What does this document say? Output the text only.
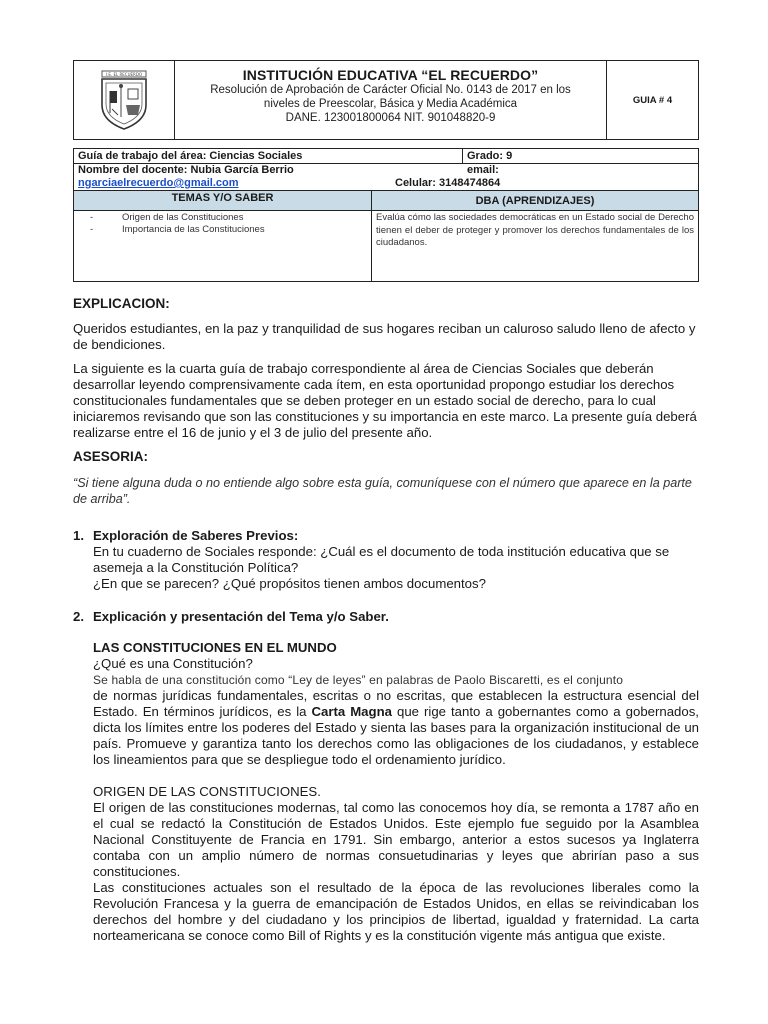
I.E. EL RECUERDO	INSTITUCIÓN EDUCATIVA “EL RECUERDO”
Resolución de Aprobación de Carácter Oficial No. 0143 de 2017 en los
niveles de Preescolar, Básica y Media Académica
DANE. 123001800064 NIT. 901048820-9
GUIA # 4
Guía de trabajo del área: Ciencias Sociales	Grado: 9
Nombre del docente: Nubia García Berrio	email:
ngarciaelrecuerdo@gmail.com	Celular: 3148474864
TEMAS Y/O SABER	DBA (APRENDIZAJES)
-	Origen de las Constituciones
-	Importancia de las Constituciones
Evalúa cómo las sociedades democráticas en un Estado social de Derecho tienen el deber de proteger y promover los derechos fundamentales de los ciudadanos.
EXPLICACION:
Queridos estudiantes, en la paz y tranquilidad de sus hogares reciban un caluroso saludo lleno de afecto y de bendiciones.
La siguiente es la cuarta guía de trabajo correspondiente al área de Ciencias Sociales que deberán desarrollar leyendo comprensivamente cada ítem, en esta oportunidad propongo estudiar los derechos constitucionales fundamentales que se deben proteger en un estado social de derecho, para lo cual iniciaremos revisando que son las constituciones y su importancia en este marco. La presente guía deberá realizarse entre el 16 de junio y el 3 de julio del presente año.
ASESORIA:
“Si tiene alguna duda o no entiende algo sobre esta guía, comuníquese con el número que aparece en la parte de arriba”.
1. Exploración de Saberes Previos:
En tu cuaderno de Sociales responde: ¿Cuál es el documento de toda institución educativa que se asemeja a la Constitución Política?
¿En que se parecen? ¿Qué propósitos tienen ambos documentos?
2. Explicación y presentación del Tema y/o Saber.
LAS CONSTITUCIONES EN EL MUNDO
¿Qué es una Constitución?
Se habla de una constitución como “Ley de leyes” en palabras de Paolo Biscaretti, es el conjunto
de normas jurídicas fundamentales, escritas o no escritas, que establecen la estructura esencial del Estado. En términos jurídicos, es la Carta Magna que rige tanto a gobernantes como a gobernados, dicta los límites entre los poderes del Estado y sienta las bases para la organización institucional de un país. Promueve y garantiza tanto los derechos como las obligaciones de los ciudadanos, y establece los lineamientos para que se despliegue todo el ordenamiento jurídico.
ORIGEN DE LAS CONSTITUCIONES.
El origen de las constituciones modernas, tal como las conocemos hoy día, se remonta a 1787 año en el cual se redactó la Constitución de Estados Unidos. Este ejemplo fue seguido por la Asamblea Nacional Constituyente de Francia en 1791. Sin embargo, anterior a estos sucesos ya Inglaterra contaba con un amplio número de normas consuetudinarias y leyes que abrirían paso a sus constituciones.
Las constituciones actuales son el resultado de la época de las revoluciones liberales como la Revolución Francesa y la guerra de emancipación de Estados Unidos, en ellas se reivindicaban los derechos del hombre y del ciudadano y los principios de libertad, igualdad y fraternidad. La carta norteamericana se conoce como Bill of Rights y es la constitución vigente más antigua que existe.
